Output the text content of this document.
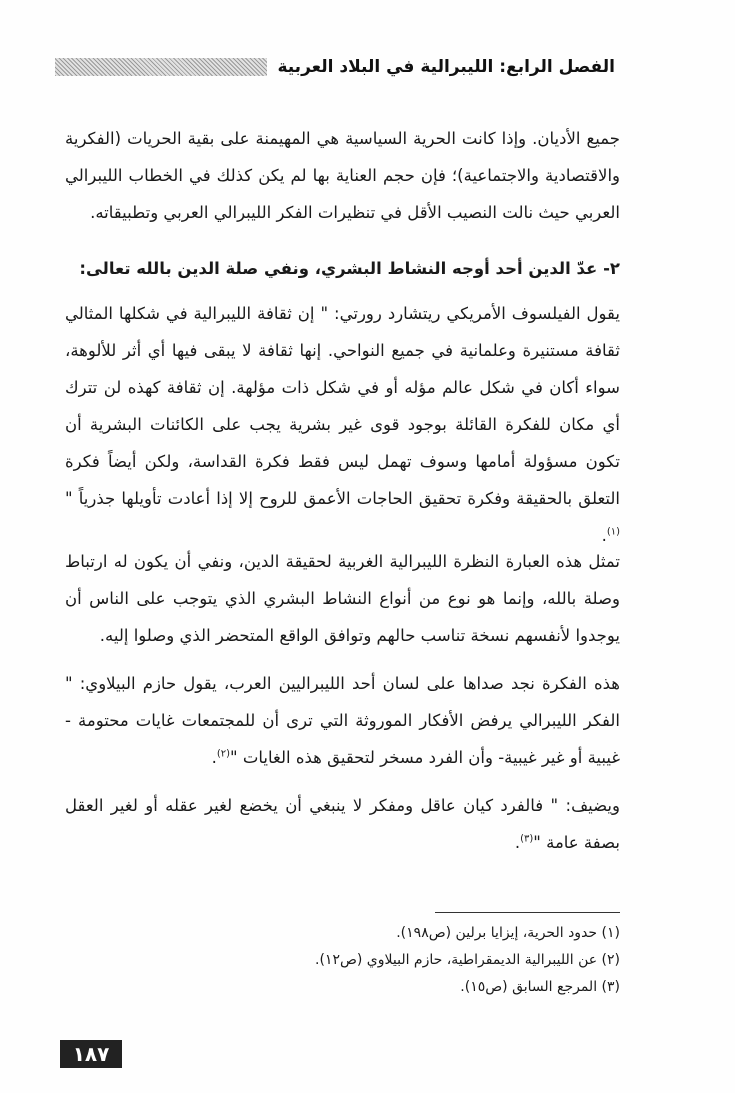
الفصل الرابع: الليبرالية في البلاد العربية
جميع الأديان. وإذا كانت الحرية السياسية هي المهيمنة على بقية الحريات (الفكرية والاقتصادية والاجتماعية)؛ فإن حجم العناية بها لم يكن كذلك في الخطاب الليبرالي العربي حيث نالت النصيب الأقل في تنظيرات الفكر الليبرالي العربي وتطبيقاته.
٢- عدّ الدين أحد أوجه النشاط البشري، ونفي صلة الدين بالله تعالى:
يقول الفيلسوف الأمريكي ريتشارد رورتي: " إن ثقافة الليبرالية في شكلها المثالي ثقافة مستنيرة وعلمانية في جميع النواحي. إنها ثقافة لا يبقى فيها أي أثر للألوهة، سواء أكان في شكل عالم مؤله أو في شكل ذات مؤلهة. إن ثقافة كهذه لن تترك أي مكان للفكرة القائلة بوجود قوى غير بشرية يجب على الكائنات البشرية أن تكون مسؤولة أمامها وسوف تهمل ليس فقط فكرة القداسة، ولكن أيضاً فكرة التعلق بالحقيقة وفكرة تحقيق الحاجات الأعمق للروح إلا إذا أعادت تأويلها جذرياً "$^{(١)}$.
تمثل هذه العبارة النظرة الليبرالية الغربية لحقيقة الدين، ونفي أن يكون له ارتباط وصلة بالله، وإنما هو نوع من أنواع النشاط البشري الذي يتوجب على الناس أن يوجدوا لأنفسهم نسخة تناسب حالهم وتوافق الواقع المتحضر الذي وصلوا إليه.
هذه الفكرة نجد صداها على لسان أحد الليبراليين العرب، يقول حازم البيلاوي: " الفكر الليبرالي يرفض الأفكار الموروثة التي ترى أن للمجتمعات غايات محتومة - غيبية أو غير غيبية- وأن الفرد مسخر لتحقيق هذه الغايات "$^{(٢)}$.
ويضيف: " فالفرد كيان عاقل ومفكر لا ينبغي أن يخضع لغير عقله أو لغير العقل بصفة عامة "$^{(٣)}$.
(١) حدود الحرية، إيزايا برلين (ص١٩٨).
(٢) عن الليبرالية الديمقراطية، حازم البيلاوي (ص١٢).
(٣) المرجع السابق (ص١٥).
١٨٧
